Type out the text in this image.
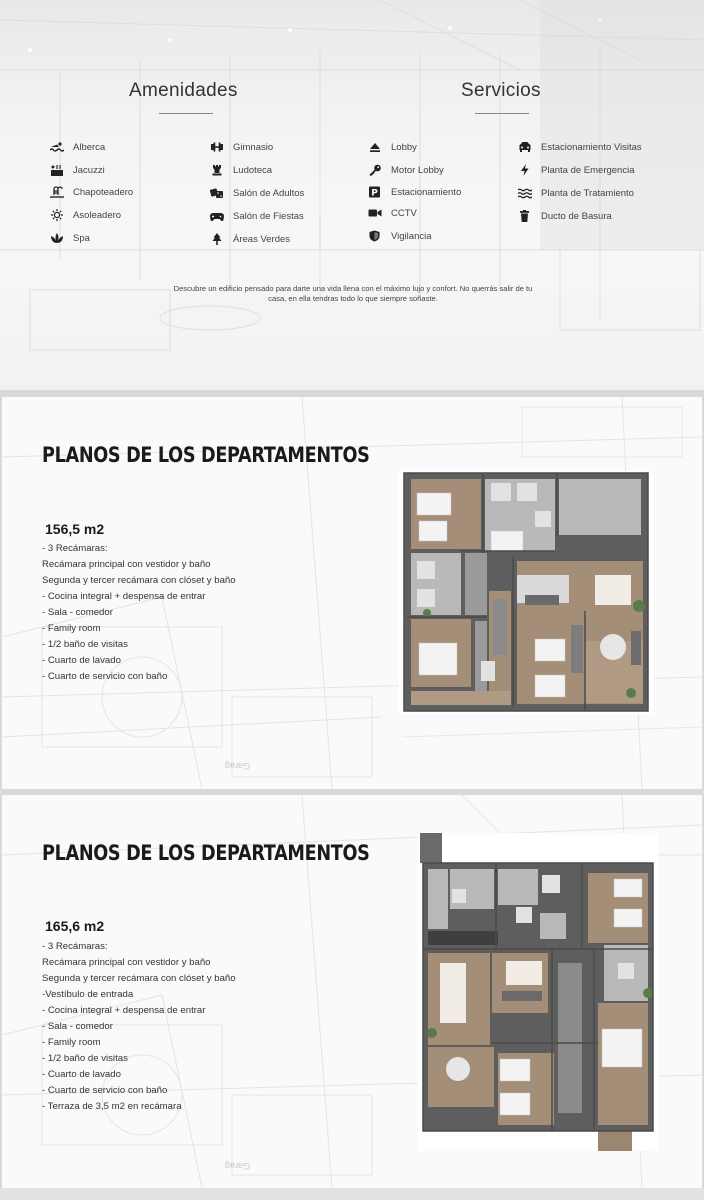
Amenidades	Servicios
Alberca
Jacuzzi
Chapoteadero
Asoleadero
Spa
Gimnasio
Ludoteca
Salón de Adultos
Salón de Fiestas
Áreas Verdes
Lobby
Motor Lobby
P Estacionamiento
CCTV
Vigilancia
Estacionamiento Visitas
Planta de Emergencia
Planta de Tratamiento
Ducto de Basura
Descubre un edificio pensado para darte una vida llena con el máximo lujo y confort. No querrás salir de tu
casa, en ella tendras todo lo que siempre soñaste.
Garag
PLANOS DE LOS DEPARTAMENTOS
156,5 m2
- 3 Recámaras:
Recámara principal con vestidor y baño
Segunda y tercer recámara con clóset y baño
- Cocina integral + despensa de entrar
- Sala - comedor
- Family room
- 1/2 baño de visitas
- Cuarto de lavado
- Cuarto de servicio con baño
Garag
PLANOS DE LOS DEPARTAMENTOS
165,6 m2
- 3 Recámaras:
Recámara principal con vestidor y baño
Segunda y tercer recámara con clóset y baño
-Vestíbulo de entrada
- Cocina integral + despensa de entrar
- Sala - comedor
- Family room
- 1/2 baño de visitas
- Cuarto de lavado
- Cuarto de servicio con baño
- Terraza de 3,5 m2 en recámara
